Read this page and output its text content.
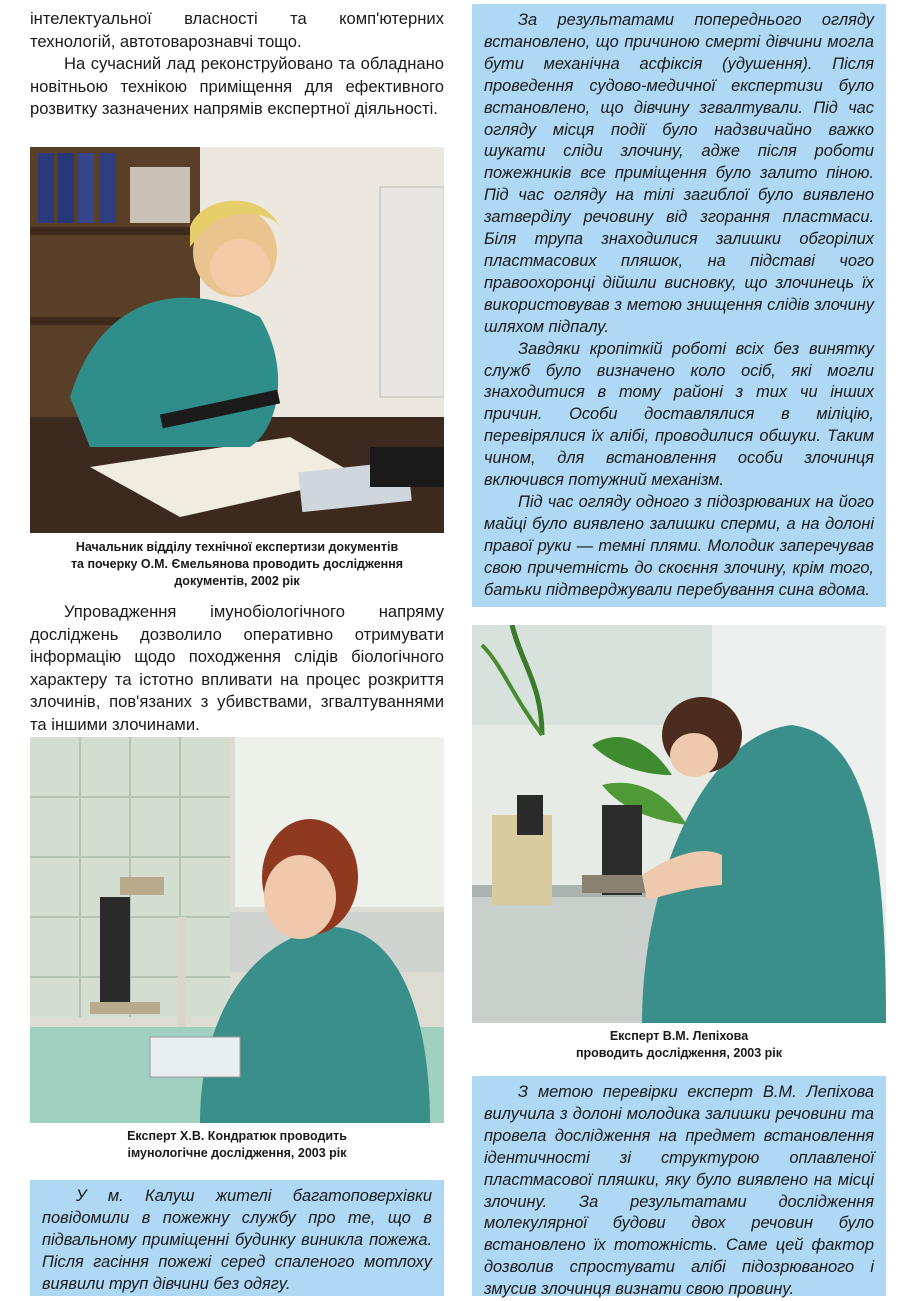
інтелектуальної власності та комп'ютерних технологій, автотоварознавчі тощо.

На сучасний лад реконструйовано та обладнано новітньою технікою приміщення для ефективного розвитку зазначених напрямів експертної діяльності.

Начальник відділу технічної експертизи документів
та почерку О.М. Ємельянова проводить дослідження
документів, 2002 рік

Упровадження імунобіологічного напряму досліджень дозволило оперативно отримувати інформацію щодо походження слідів біологічного характеру та істотно впливати на процес розкриття злочинів, пов'язаних з убивствами, згвалтуваннями та іншими злочинами.

Експерт Х.В. Кондратюк проводить
імунологічне дослідження, 2003 рік

У м. Калуш жителі багатоповерхівки повідомили в пожежну службу про те, що в підвальному приміщенні будинку виникла пожежа. Після гасіння пожежі серед спаленого мотлоху виявили труп дівчини без одягу.

За результатами попереднього огляду встановлено, що причиною смерті дівчини могла бути механічна асфіксія (удушення). Після проведення судово-медичної експертизи було встановлено, що дівчину згвалтували. Під час огляду місця події було надзвичайно важко шукати сліди злочину, адже після роботи пожежників все приміщення було залито піною. Під час огляду на тілі загиблої було виявлено затверділу речовину від згорання пластмаси. Біля трупа знаходилися залишки обгорілих пластмасових пляшок, на підставі чого правоохоронці дійшли висновку, що злочинець їх використовував з метою знищення слідів злочину шляхом підпалу.

Завдяки кропіткій роботі всіх без винятку служб було визначено коло осіб, які могли знаходитися в тому районі з тих чи інших причин. Особи доставлялися в міліцію, перевірялися їх алібі, проводилися обшуки. Таким чином, для встановлення особи злочинця включився потужний механізм.

Під час огляду одного з підозрюваних на його майці було виявлено залишки сперми, а на долоні правої руки — темні плями. Молодик заперечував свою причетність до скоєння злочину, крім того, батьки підтверджували перебування сина вдома.

Експерт В.М. Лепіхова
проводить дослідження, 2003 рік

З метою перевірки експерт В.М. Лепіхова вилучила з долоні молодика залишки речовини та провела дослідження на предмет встановлення ідентичності зі структурою оплавленої пластмасової пляшки, яку було виявлено на місці злочину. За результатами дослідження молекулярної будови двох речовин було встановлено їх тотожність. Саме цей фактор дозволив спростувати алібі підозрюваного і змусив злочинця визнати свою провину.
